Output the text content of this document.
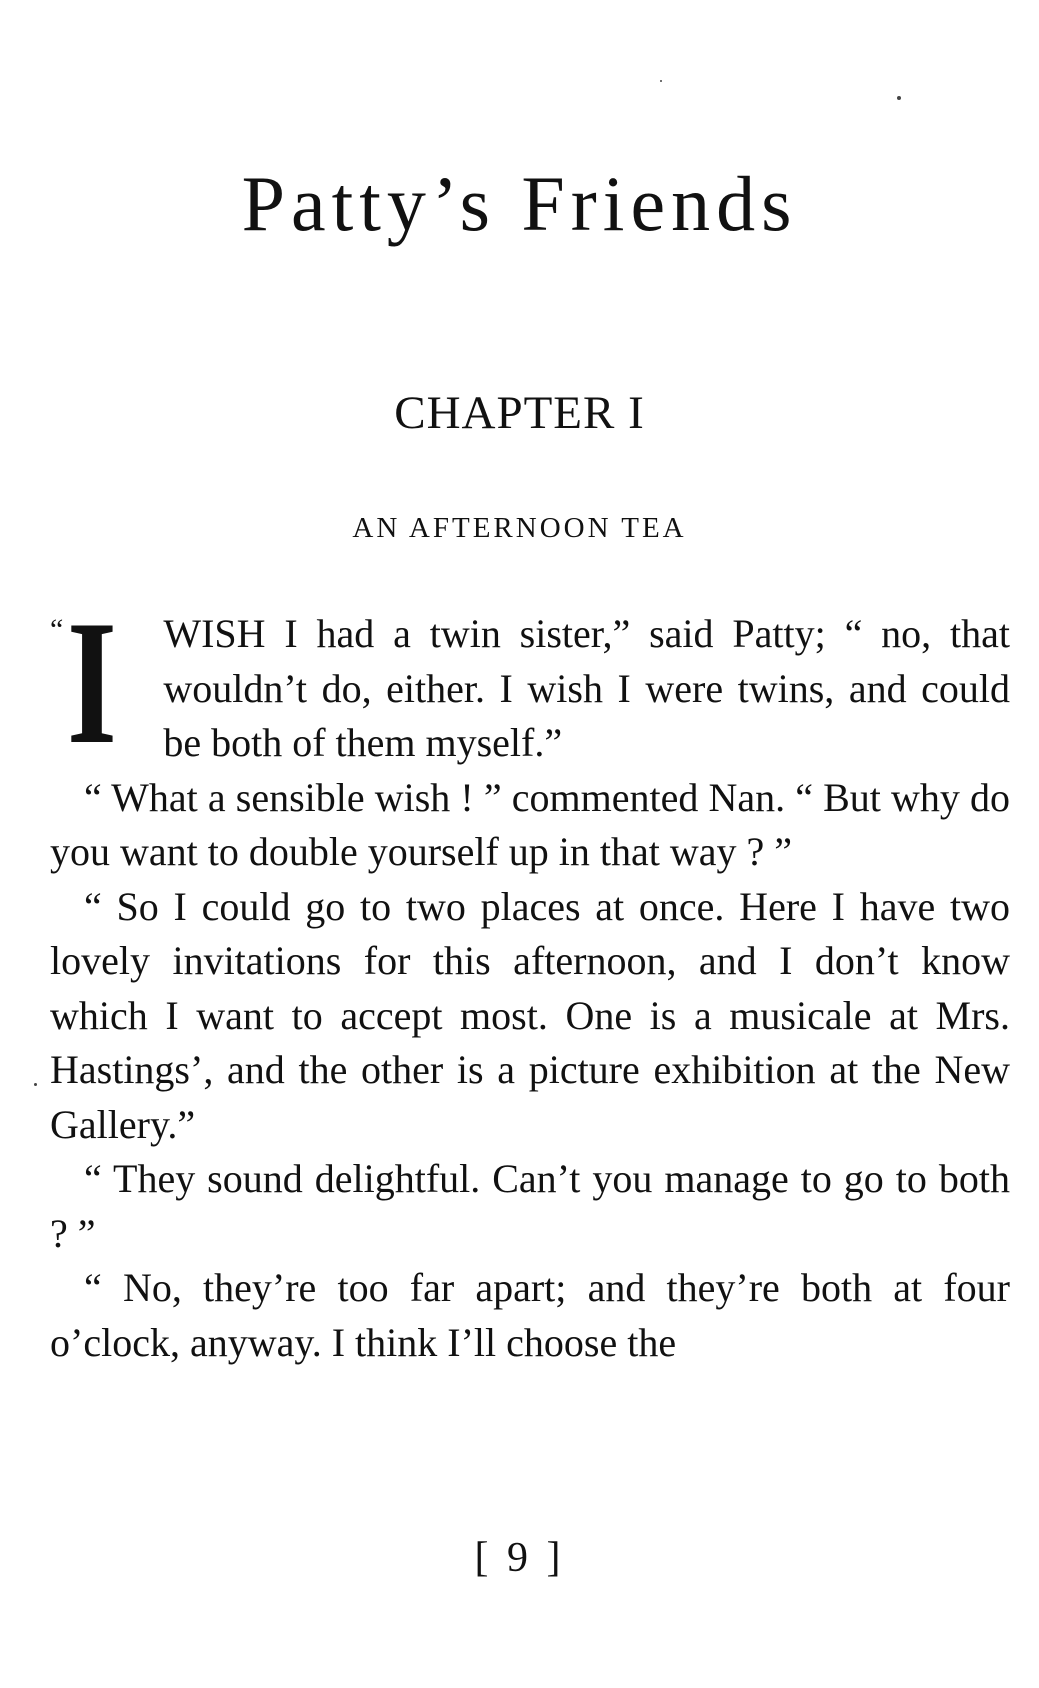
Patty’s Friends
CHAPTER I
AN AFTERNOON TEA

“ I WISH I had a twin sister,” said Patty; “ no, that wouldn’t do, either. I wish I were twins, and could be both of them myself.”

“ What a sensible wish ! ” commented Nan. “ But why do you want to double yourself up in that way ? ”

“ So I could go to two places at once. Here I have two lovely invitations for this afternoon, and I don’t know which I want to accept most. One is a musicale at Mrs. Hastings’, and the other is a picture exhibition at the New Gallery.”

“ They sound delightful. Can’t you manage to go to both ? ”

“ No, they’re too far apart; and they’re both at four o’clock, anyway. I think I’ll choose the

[ 9 ]
